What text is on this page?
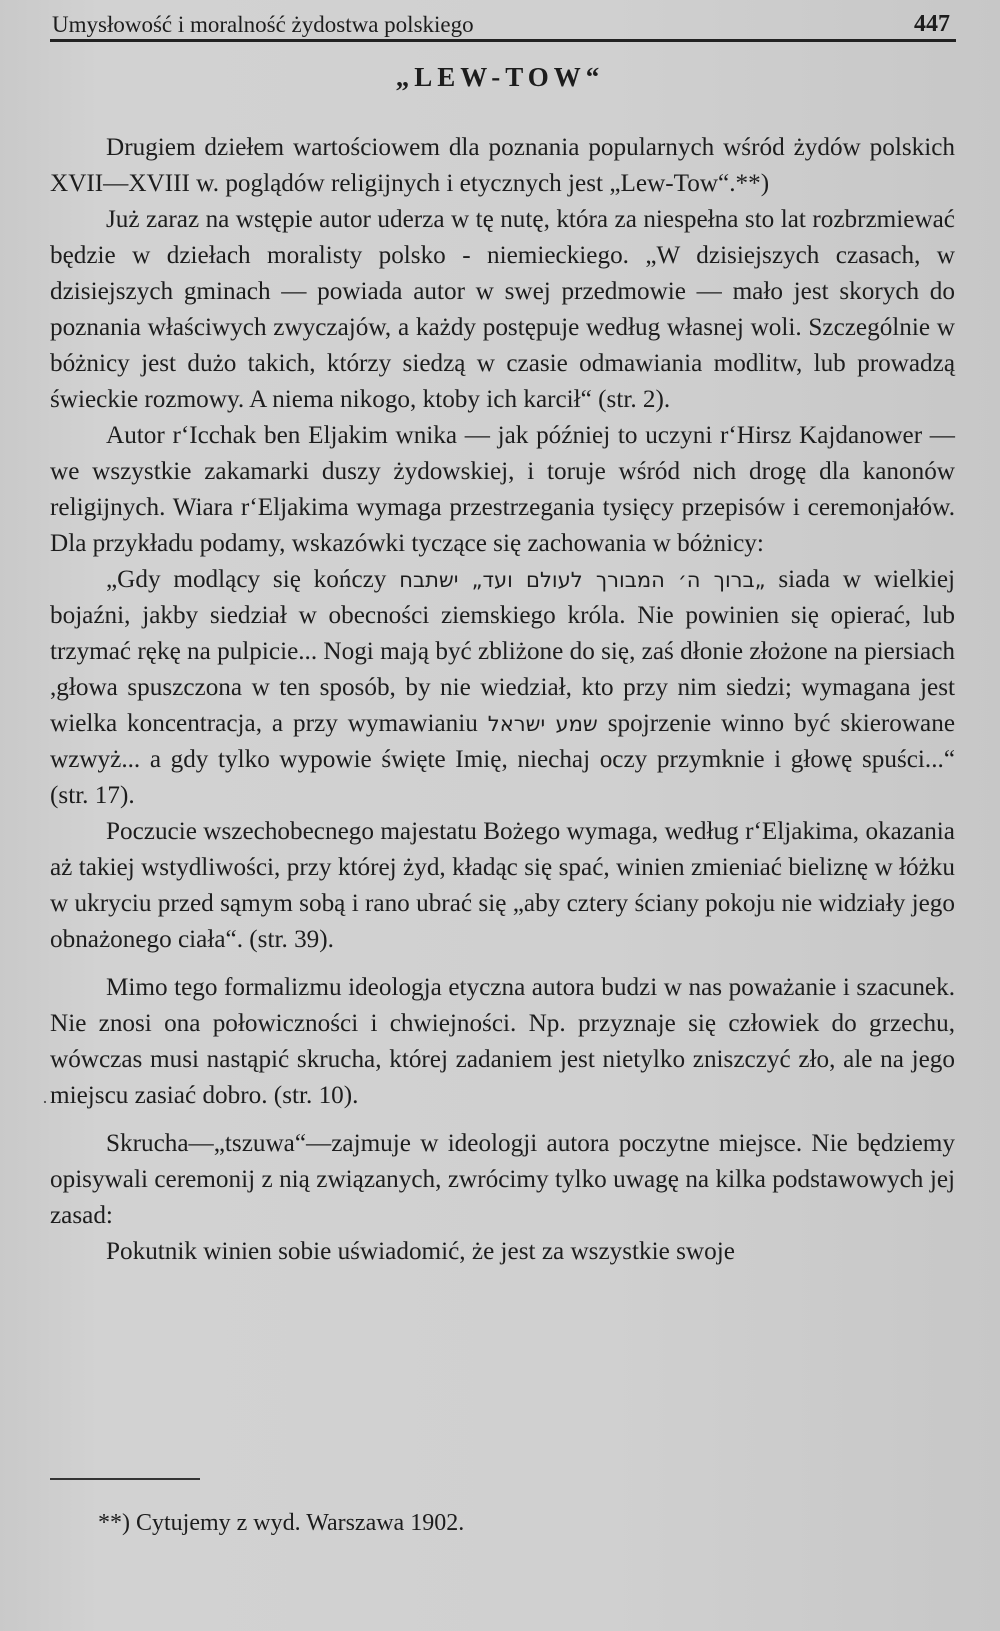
Umysłowość i moralność żydostwa polskiego	447
„LEW-TOW“

Drugiem dziełem wartościowem dla poznania popularnych wśród żydów polskich XVII—XVIII w. poglądów religijnych i etycznych jest „Lew-Tow“.**)

Już zaraz na wstępie autor uderza w tę nutę, która za niespełna sto lat rozbrzmiewać będzie w dziełach moralisty polsko - niemieckiego. „W dzisiejszych czasach, w dzisiejszych gminach — powiada autor w swej przedmowie — mało jest skorych do poznania właściwych zwyczajów, a każdy postępuje według własnej woli. Szczególnie w bóżnicy jest dużo takich, którzy siedzą w czasie odmawiania modlitw, lub prowadzą świeckie rozmowy. A niema nikogo, ktoby ich karcił“ (str. 2).

Autor r‘Icchak ben Eljakim wnika — jak później to uczyni r‘Hirsz Kajdanower — we wszystkie zakamarki duszy żydowskiej, i toruje wśród nich drogę dla kanonów religijnych. Wiara r‘Eljakima wymaga przestrzegania tysięcy przepisów i ceremonjałów. Dla przykładu podamy, wskazówki tyczące się zachowania w bóżnicy:

„Gdy modlący się kończy „ברוך ה׳ המבורך לעולם ועד„ ישתבח siada w wielkiej bojaźni, jakby siedział w obecności ziemskiego króla. Nie powinien się opierać, lub trzymać rękę na pulpicie... Nogi mają być zbliżone do się, zaś dłonie złożone na piersiach ,głowa spuszczona w ten sposób, by nie wiedział, kto przy nim siedzi; wymagana jest wielka koncentracja, a przy wymawianiu שמע ישראל spojrzenie winno być skierowane wzwyż... a gdy tylko wypowie święte Imię, niechaj oczy przymknie i głowę spuści...“ (str. 17).

Poczucie wszechobecnego majestatu Bożego wymaga, według r‘Eljakima, okazania aż takiej wstydliwości, przy której żyd, kładąc się spać, winien zmieniać bieliznę w łóżku w ukryciu przed sąmym sobą i rano ubrać się „aby cztery ściany pokoju nie widziały jego obnażonego ciała“. (str. 39).

Mimo tego formalizmu ideologja etyczna autora budzi w nas poważanie i szacunek. Nie znosi ona połowiczności i chwiejności. Np. przyznaje się człowiek do grzechu, wówczas musi nastąpić skrucha, której zadaniem jest nietylko zniszczyć zło, ale na jego miejscu zasiać dobro. (str. 10).

Skrucha—„tszuwa“—zajmuje w ideologji autora poczytne miejsce. Nie będziemy opisywali ceremonij z nią związanych, zwrócimy tylko uwagę na kilka podstawowych jej zasad:

Pokutnik winien sobie uświadomić, że jest za wszystkie swoje

·
**) Cytujemy z wyd. Warszawa 1902.
